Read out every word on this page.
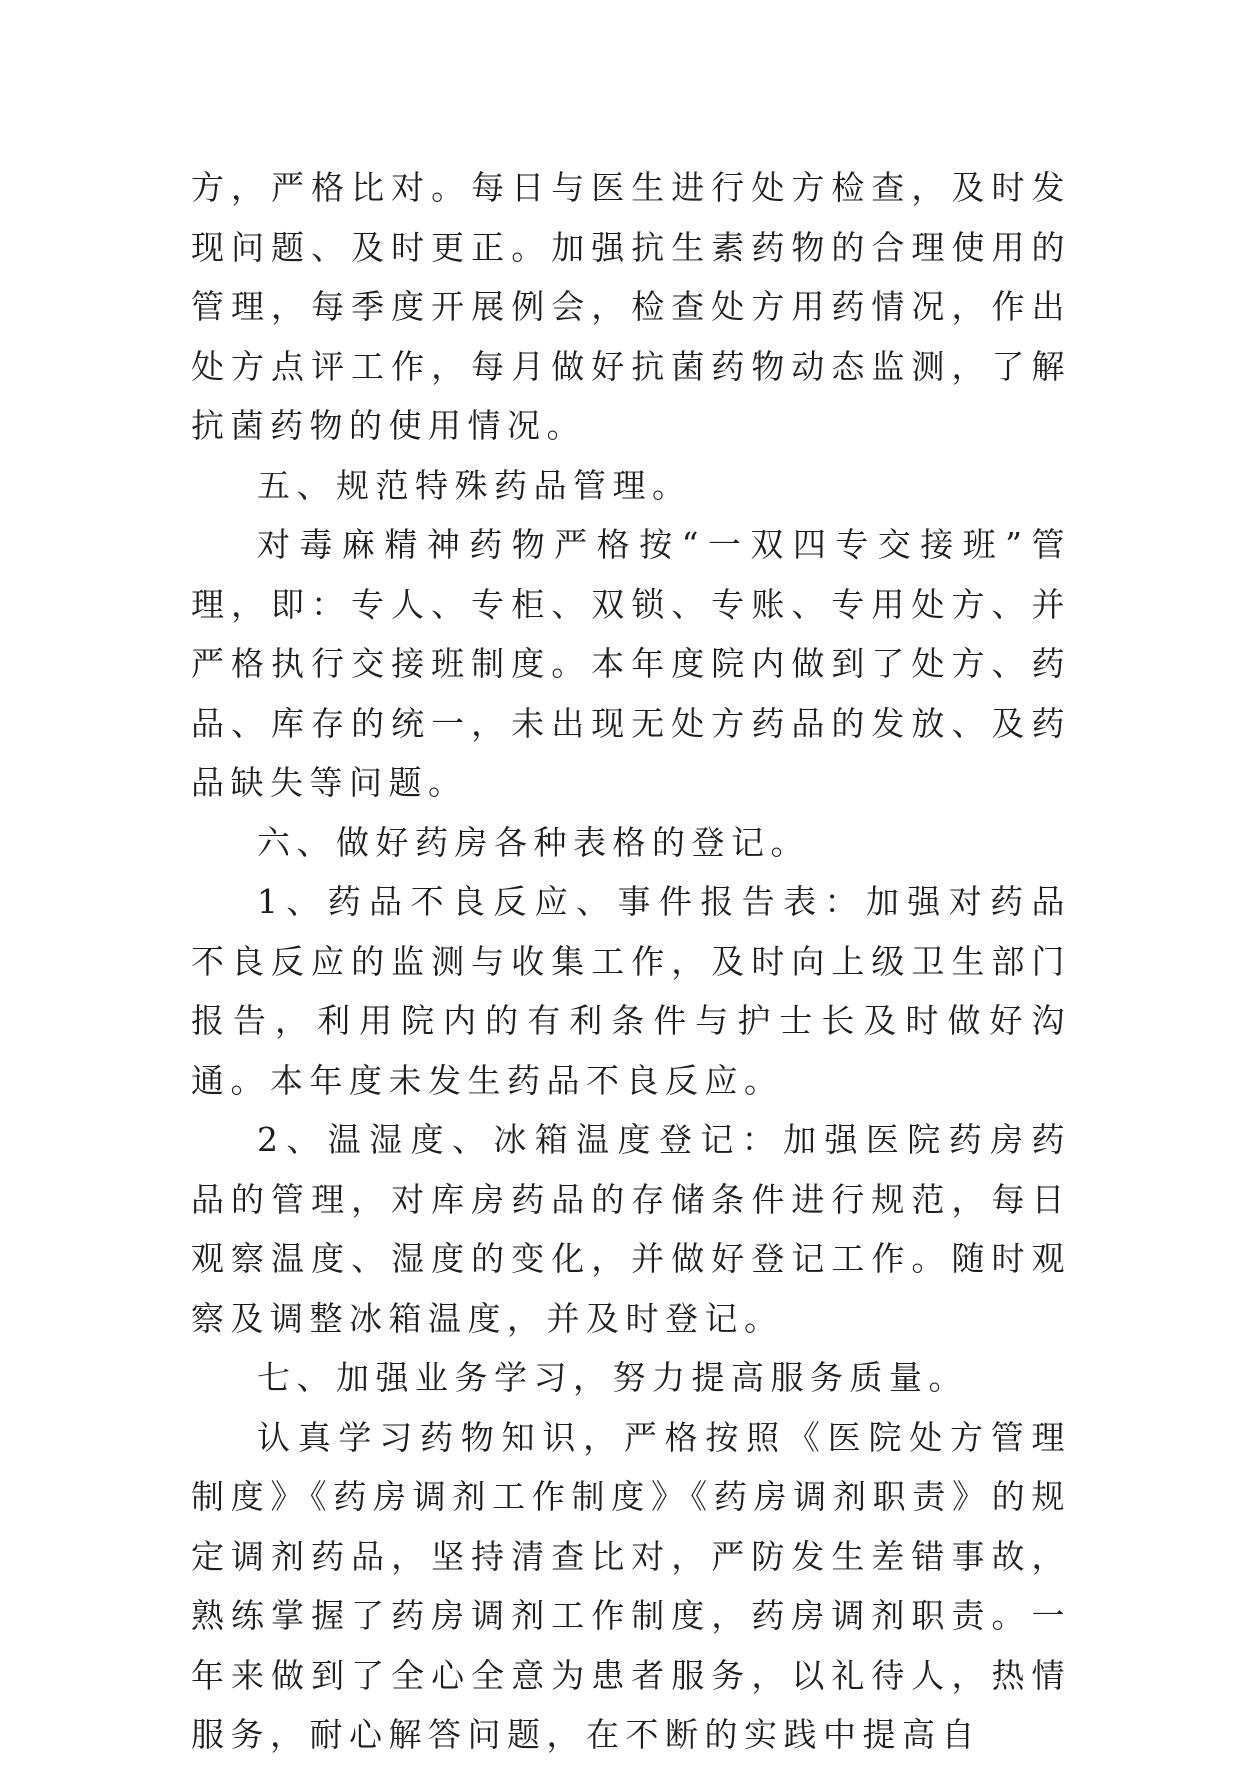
方，严格比对。每日与医生进行处方检查，及时发现问题、及时更正。加强抗生素药物的合理使用的管理，每季度开展例会，检查处方用药情况，作出处方点评工作，每月做好抗菌药物动态监测，了解抗菌药物的使用情况。

五、规范特殊药品管理。

对毒麻精神药物严格按“一双四专交接班”管理，即：专人、专柜、双锁、专账、专用处方、并严格执行交接班制度。本年度院内做到了处方、药品、库存的统一，未出现无处方药品的发放、及药品缺失等问题。

六、做好药房各种表格的登记。

1、药品不良反应、事件报告表：加强对药品不良反应的监测与收集工作，及时向上级卫生部门报告，利用院内的有利条件与护士长及时做好沟通。本年度未发生药品不良反应。

2、温湿度、冰箱温度登记：加强医院药房药品的管理，对库房药品的存储条件进行规范，每日观察温度、湿度的变化，并做好登记工作。随时观察及调整冰箱温度，并及时登记。

七、加强业务学习，努力提高服务质量。

认真学习药物知识，严格按照《医院处方管理制度》《药房调剂工作制度》《药房调剂职责》的规定调剂药品，坚持清查比对，严防发生差错事故，熟练掌握了药房调剂工作制度，药房调剂职责。一年来做到了全心全意为患者服务，以礼待人，热情服务，耐心解答问题，在不断的实践中提高自
